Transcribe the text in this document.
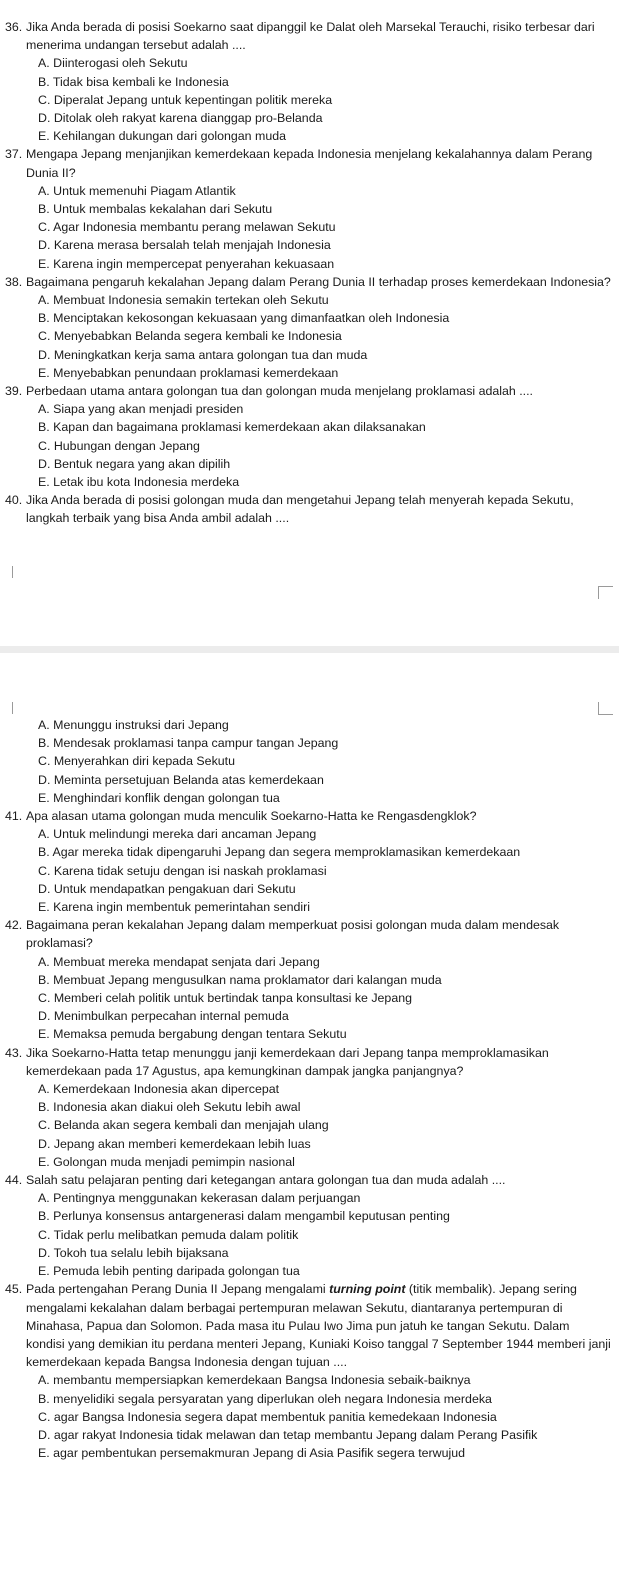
36. Jika Anda berada di posisi Soekarno saat dipanggil ke Dalat oleh Marsekal Terauchi, risiko terbesar dari menerima undangan tersebut adalah ....
A. Diinterogasi oleh Sekutu
B. Tidak bisa kembali ke Indonesia
C. Diperalat Jepang untuk kepentingan politik mereka
D. Ditolak oleh rakyat karena dianggap pro-Belanda
E. Kehilangan dukungan dari golongan muda
37. Mengapa Jepang menjanjikan kemerdekaan kepada Indonesia menjelang kekalahannya dalam Perang Dunia II?
A. Untuk memenuhi Piagam Atlantik
B. Untuk membalas kekalahan dari Sekutu
C. Agar Indonesia membantu perang melawan Sekutu
D. Karena merasa bersalah telah menjajah Indonesia
E. Karena ingin mempercepat penyerahan kekuasaan
38. Bagaimana pengaruh kekalahan Jepang dalam Perang Dunia II terhadap proses kemerdekaan Indonesia?
A. Membuat Indonesia semakin tertekan oleh Sekutu
B. Menciptakan kekosongan kekuasaan yang dimanfaatkan oleh Indonesia
C. Menyebabkan Belanda segera kembali ke Indonesia
D. Meningkatkan kerja sama antara golongan tua dan muda
E. Menyebabkan penundaan proklamasi kemerdekaan
39. Perbedaan utama antara golongan tua dan golongan muda menjelang proklamasi adalah ....
A. Siapa yang akan menjadi presiden
B. Kapan dan bagaimana proklamasi kemerdekaan akan dilaksanakan
C. Hubungan dengan Jepang
D. Bentuk negara yang akan dipilih
E. Letak ibu kota Indonesia merdeka
40. Jika Anda berada di posisi golongan muda dan mengetahui Jepang telah menyerah kepada Sekutu, langkah terbaik yang bisa Anda ambil adalah ....
A. Menunggu instruksi dari Jepang
B. Mendesak proklamasi tanpa campur tangan Jepang
C. Menyerahkan diri kepada Sekutu
D. Meminta persetujuan Belanda atas kemerdekaan
E. Menghindari konflik dengan golongan tua
41. Apa alasan utama golongan muda menculik Soekarno-Hatta ke Rengasdengklok?
A. Untuk melindungi mereka dari ancaman Jepang
B. Agar mereka tidak dipengaruhi Jepang dan segera memproklamasikan kemerdekaan
C. Karena tidak setuju dengan isi naskah proklamasi
D. Untuk mendapatkan pengakuan dari Sekutu
E. Karena ingin membentuk pemerintahan sendiri
42. Bagaimana peran kekalahan Jepang dalam memperkuat posisi golongan muda dalam mendesak proklamasi?
A. Membuat mereka mendapat senjata dari Jepang
B. Membuat Jepang mengusulkan nama proklamator dari kalangan muda
C. Memberi celah politik untuk bertindak tanpa konsultasi ke Jepang
D. Menimbulkan perpecahan internal pemuda
E. Memaksa pemuda bergabung dengan tentara Sekutu
43. Jika Soekarno-Hatta tetap menunggu janji kemerdekaan dari Jepang tanpa memproklamasikan kemerdekaan pada 17 Agustus, apa kemungkinan dampak jangka panjangnya?
A. Kemerdekaan Indonesia akan dipercepat
B. Indonesia akan diakui oleh Sekutu lebih awal
C. Belanda akan segera kembali dan menjajah ulang
D. Jepang akan memberi kemerdekaan lebih luas
E. Golongan muda menjadi pemimpin nasional
44. Salah satu pelajaran penting dari ketegangan antara golongan tua dan muda adalah ....
A. Pentingnya menggunakan kekerasan dalam perjuangan
B. Perlunya konsensus antargenerasi dalam mengambil keputusan penting
C. Tidak perlu melibatkan pemuda dalam politik
D. Tokoh tua selalu lebih bijaksana
E. Pemuda lebih penting daripada golongan tua
45. Pada pertengahan Perang Dunia II Jepang mengalami turning point (titik membalik). Jepang sering mengalami kekalahan dalam berbagai pertempuran melawan Sekutu, diantaranya pertempuran di Minahasa, Papua dan Solomon. Pada masa itu Pulau Iwo Jima pun jatuh ke tangan Sekutu. Dalam kondisi yang demikian itu perdana menteri Jepang, Kuniaki Koiso tanggal 7 September 1944 memberi janji kemerdekaan kepada Bangsa Indonesia dengan tujuan ....
A. membantu mempersiapkan kemerdekaan Bangsa Indonesia sebaik-baiknya
B. menyelidiki segala persyaratan yang diperlukan oleh negara Indonesia merdeka
C. agar Bangsa Indonesia segera dapat membentuk panitia kemedekaan Indonesia
D. agar rakyat Indonesia tidak melawan dan tetap membantu Jepang dalam Perang Pasifik
E. agar pembentukan persemakmuran Jepang di Asia Pasifik segera terwujud
